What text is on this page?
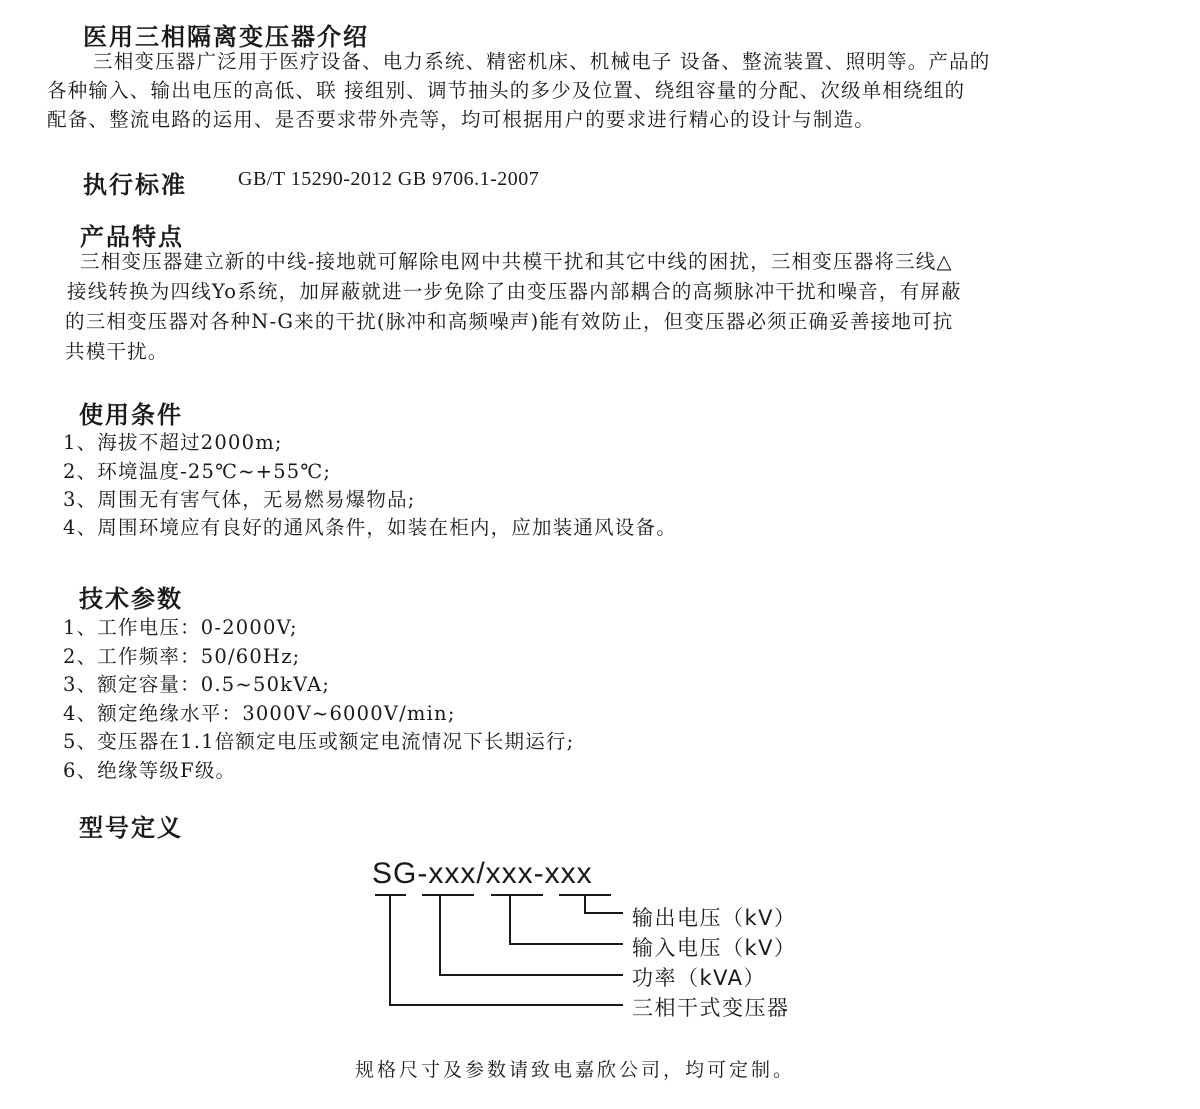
医用三相隔离变压器介绍
三相变压器广泛用于医疗设备、电力系统、精密机床、机械电子 设备、整流装置、照明等。产品的
各种输入、输出电压的高低、联 接组别、调节抽头的多少及位置、绕组容量的分配、次级单相绕组的
配备、整流电路的运用、是否要求带外壳等，均可根据用户的要求进行精心的设计与制造。
执行标准	GB/T 15290-2012 GB 9706.1-2007
产品特点
三相变压器建立新的中线-接地就可解除电网中共模干扰和其它中线的困扰，三相变压器将三线△
接线转换为四线Yo系统，加屏蔽就进一步免除了由变压器内部耦合的高频脉冲干扰和噪音，有屏蔽
的三相变压器对各种N-G来的干扰(脉冲和高频噪声)能有效防止，但变压器必须正确妥善接地可抗
共模干扰。
使用条件
1、海拔不超过2000m;
2、环境温度-25℃~+55℃;
3、周围无有害气体，无易燃易爆物品;
4、周围环境应有良好的通风条件，如装在柜内，应加装通风设备。
技术参数
1、工作电压：0-2000V;
2、工作频率：50/60Hz;
3、额定容量：0.5~50kVA;
4、额定绝缘水平：3000V~6000V/min;
5、变压器在1.1倍额定电压或额定电流情况下长期运行;
6、绝缘等级F级。
型号定义
SG-xxx/xxx-xxx
输出电压（kV）
输入电压（kV）
功率（kVA）
三相干式变压器
规格尺寸及参数请致电嘉欣公司，均可定制。
